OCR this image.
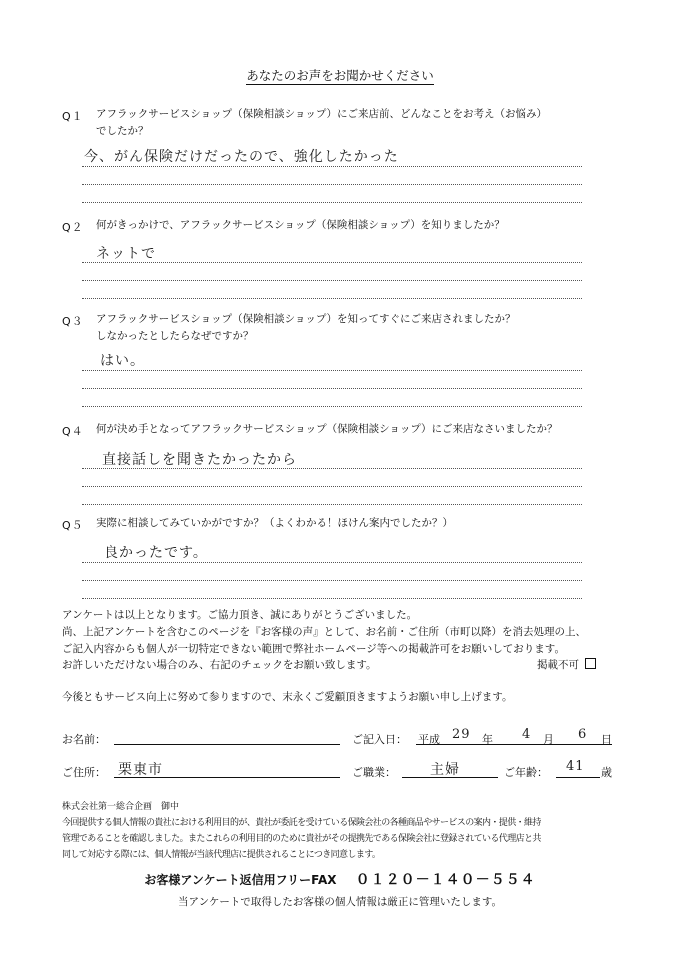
あなたのお声をお聞かせください
Q１ アフラックサービスショップ（保険相談ショップ）にご来店前、どんなことをお考え（お悩み）
でしたか？
今、がん保険だけだったので、強化したかった
Q２ 何がきっかけで、アフラックサービスショップ（保険相談ショップ）を知りましたか？
ネットで
Q３ アフラックサービスショップ（保険相談ショップ）を知ってすぐにご来店されましたか？
しなかったとしたらなぜですか？
はい。
Q４ 何が決め手となってアフラックサービスショップ（保険相談ショップ）にご来店なさいましたか？
直接話しを聞きたかったから
Q５ 実際に相談してみていかがですか？（よくわかる！ほけん案内でしたか？）
良かったです。
アンケートは以上となります。ご協力頂き、誠にありがとうございました。
尚、上記アンケートを含むこのページを『お客様の声』として、お名前・ご住所（市町以降）を消去処理の上、
ご記入内容からも個人が一切特定できない範囲で弊社ホームページ等への掲載許可をお願いしております。
お許しいただけない場合のみ、右記のチェックをお願い致します。	掲載不可
今後ともサービス向上に努めて参りますので、末永くご愛顧頂きますようお願い申し上げます。
お名前：	ご記入日： 平成 29 年 4 月 6 日
ご住所： 栗東市	ご職業： 主婦	ご年齢： 41 歳
株式会社第一総合企画　御中
今回提供する個人情報の貴社における利用目的が、貴社が委託を受けている保険会社の各種商品やサービスの案内・提供・維持
管理であることを確認しました。またこれらの利用目的のために貴社がその提携先である保険会社に登録されている代理店と共
同して対応する際には、個人情報が当該代理店に提供されることにつき同意します。
お客様アンケート返信用フリーFAX ０１２０－１４０－５５４
当アンケートで取得したお客様の個人情報は厳正に管理いたします。
